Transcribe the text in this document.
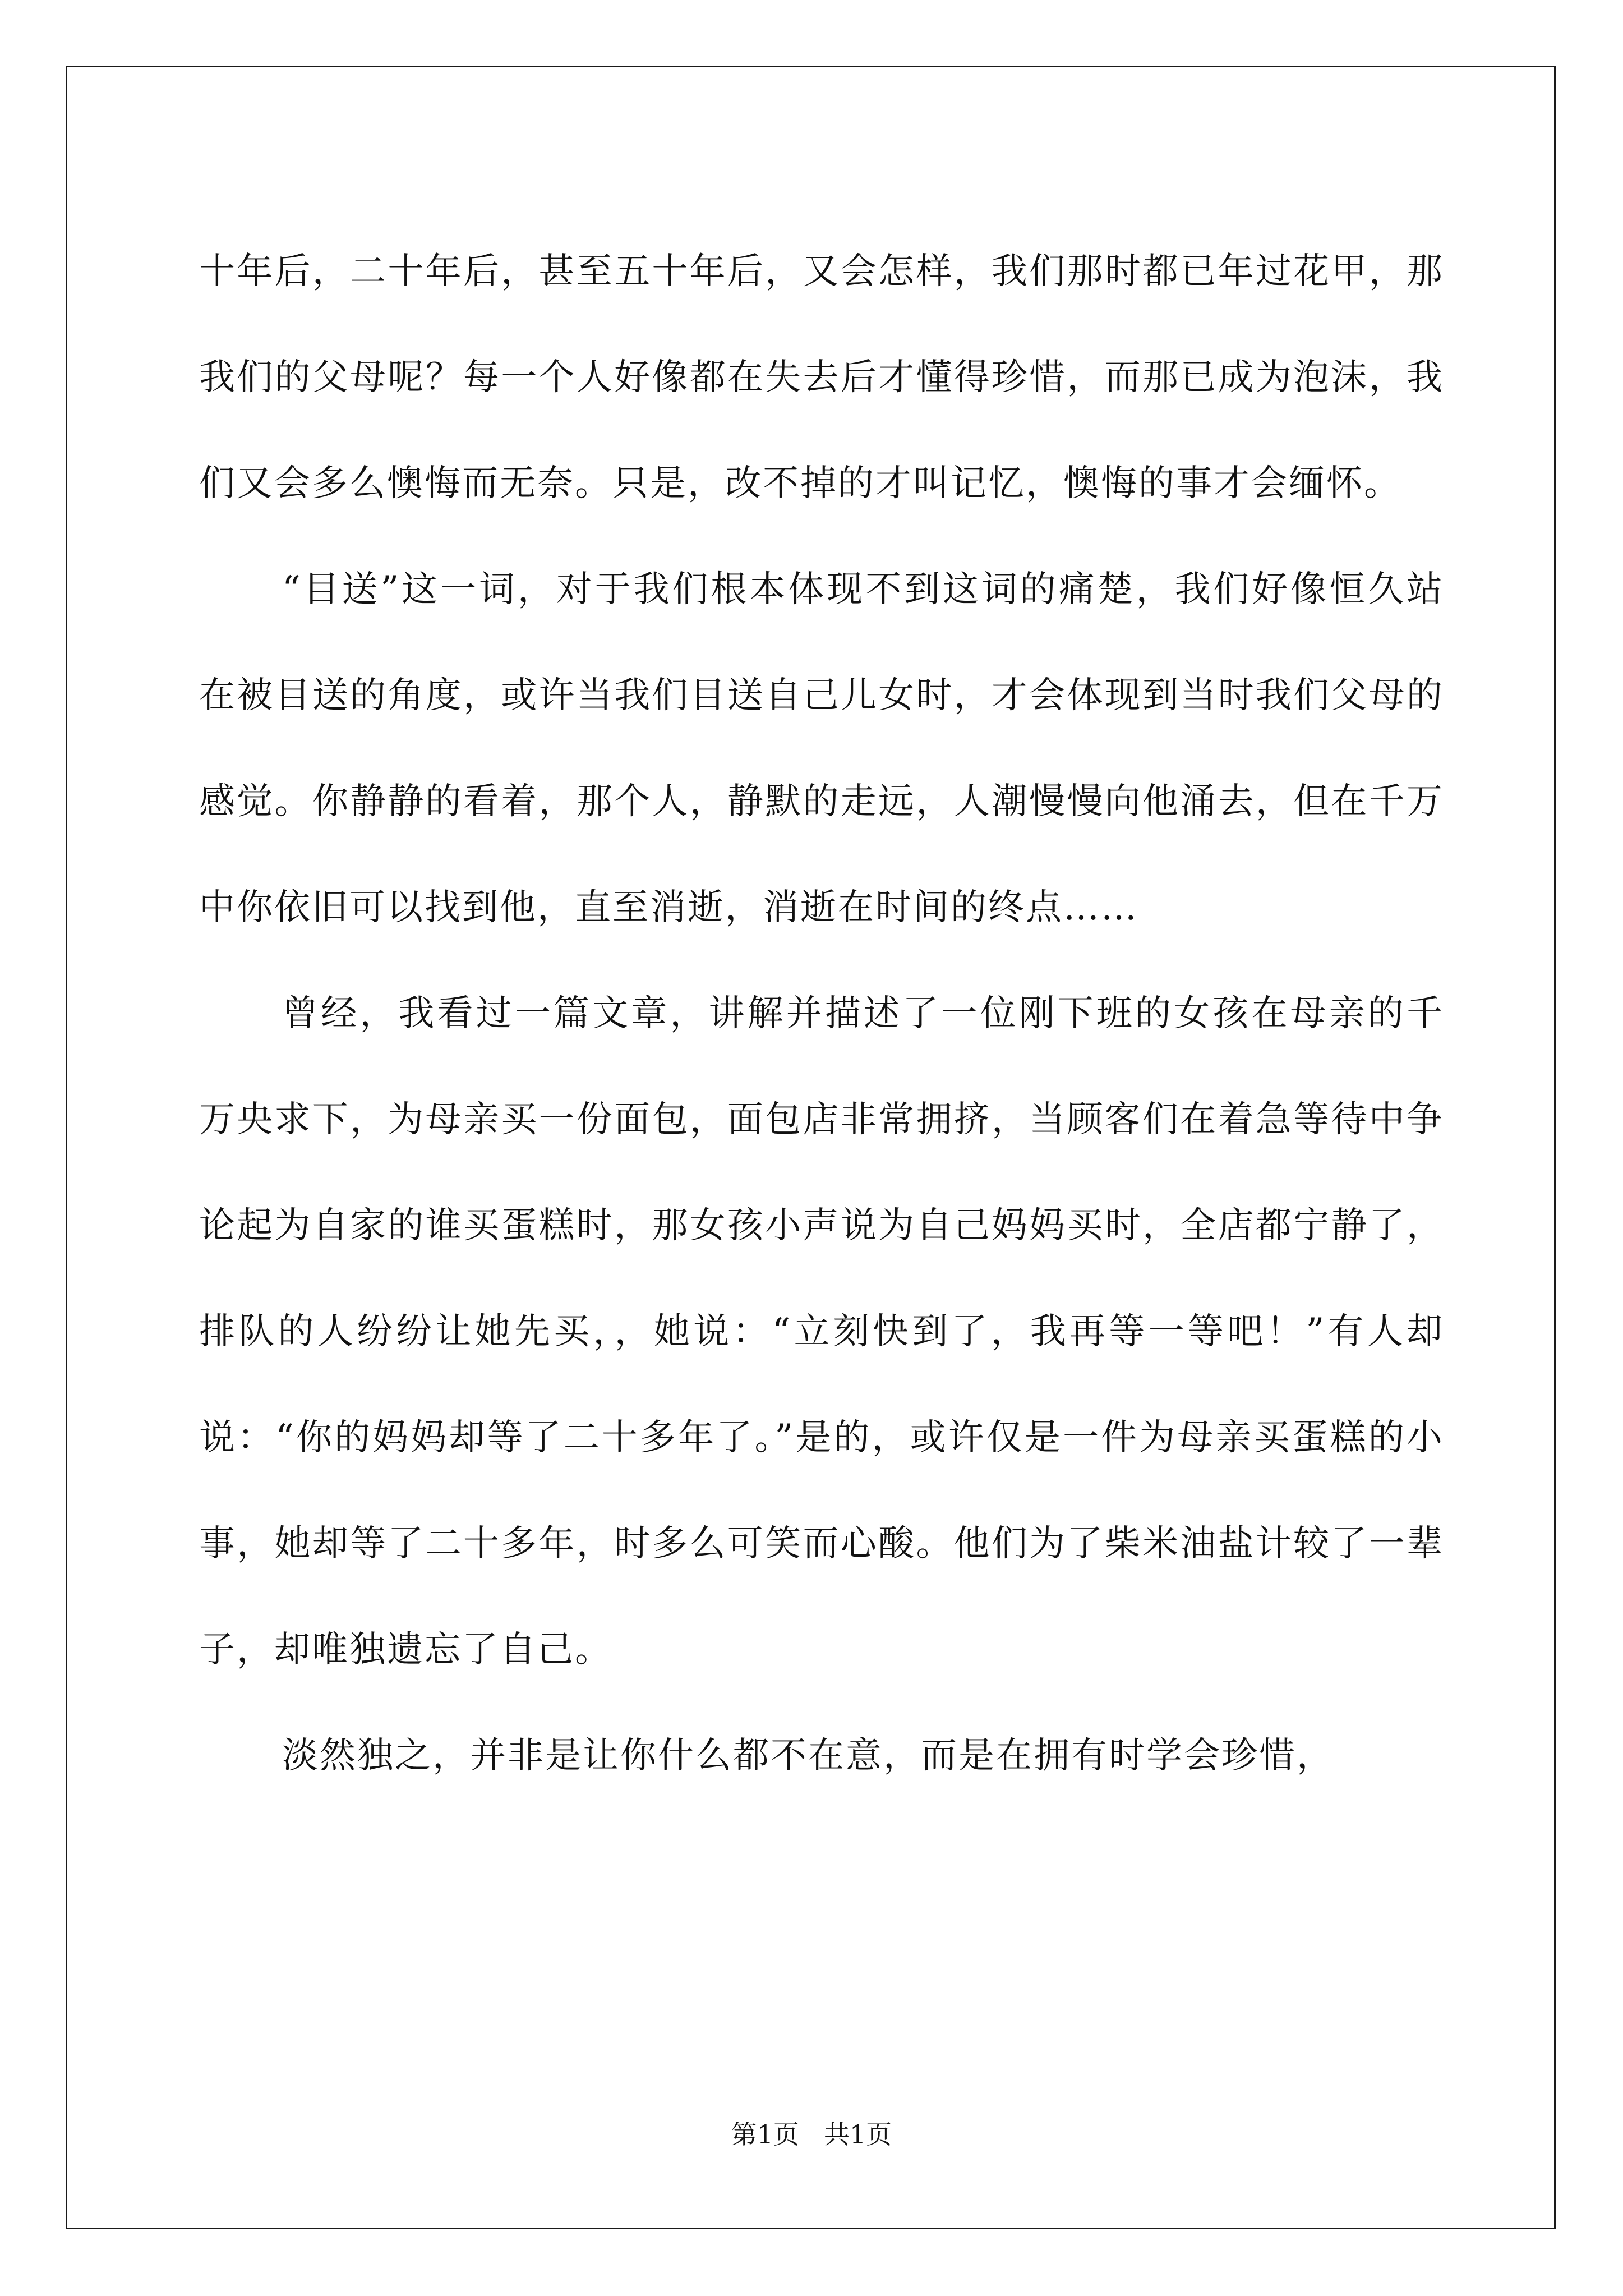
十年后，二十年后，甚至五十年后，又会怎样，我们那时都已年过花甲，那我们的父母呢？每一个人好像都在失去后才懂得珍惜，而那已成为泡沫，我们又会多么懊悔而无奈。只是，改不掉的才叫记忆，懊悔的事才会缅怀。

“目送”这一词，对于我们根本体现不到这词的痛楚，我们好像恒久站在被目送的角度，或许当我们目送自己儿女时，才会体现到当时我们父母的感觉。你静静的看着，那个人，静默的走远，人潮慢慢向他涌去，但在千万中你依旧可以找到他，直至消逝，消逝在时间的终点……

曾经，我看过一篇文章，讲解并描述了一位刚下班的女孩在母亲的千万央求下，为母亲买一份面包，面包店非常拥挤，当顾客们在着急等待中争论起为自家的谁买蛋糕时，那女孩小声说为自己妈妈买时，全店都宁静了，排队的人纷纷让她先买，，她说：“立刻快到了，我再等一等吧！”有人却说：“你的妈妈却等了二十多年了。”是的，或许仅是一件为母亲买蛋糕的小事，她却等了二十多年，时多么可笑而心酸。他们为了柴米油盐计较了一辈子，却唯独遗忘了自己。

淡然独之，并非是让你什么都不在意，而是在拥有时学会珍惜，

第1页 共1页
